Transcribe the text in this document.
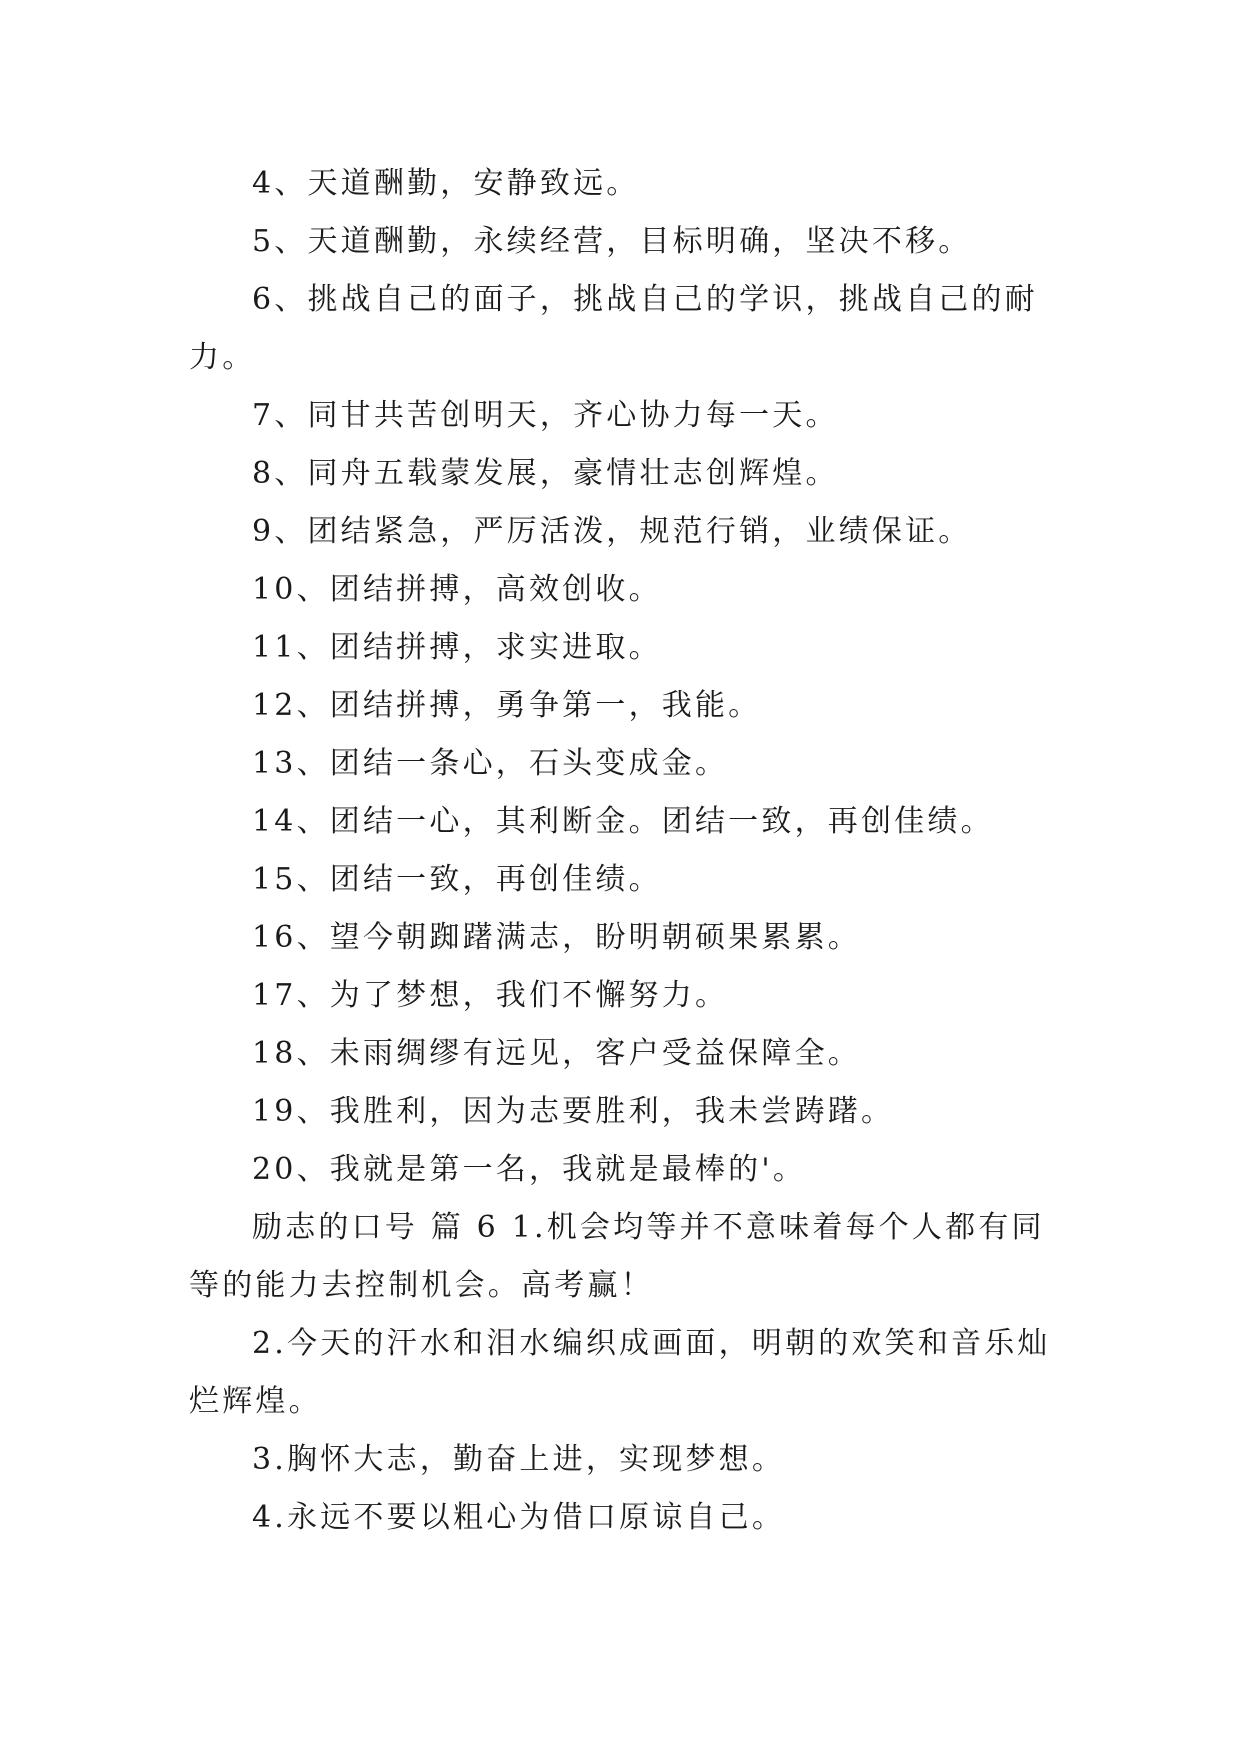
4、天道酬勤，安静致远。

5、天道酬勤，永续经营，目标明确，坚决不移。

6、挑战自己的面子，挑战自己的学识，挑战自己的耐力。

7、同甘共苦创明天，齐心协力每一天。

8、同舟五载蒙发展，豪情壮志创辉煌。

9、团结紧急，严厉活泼，规范行销，业绩保证。

10、团结拼搏，高效创收。

11、团结拼搏，求实进取。

12、团结拼搏，勇争第一，我能。

13、团结一条心，石头变成金。

14、团结一心，其利断金。团结一致，再创佳绩。

15、团结一致，再创佳绩。

16、望今朝踟躇满志，盼明朝硕果累累。

17、为了梦想，我们不懈努力。

18、未雨绸缪有远见，客户受益保障全。

19、我胜利，因为志要胜利，我未尝踌躇。

20、我就是第一名，我就是最棒的'。

励志的口号 篇 6 1.机会均等并不意味着每个人都有同等的能力去控制机会。高考赢！

2.今天的汗水和泪水编织成画面，明朝的欢笑和音乐灿烂辉煌。

3.胸怀大志，勤奋上进，实现梦想。

4.永远不要以粗心为借口原谅自己。
